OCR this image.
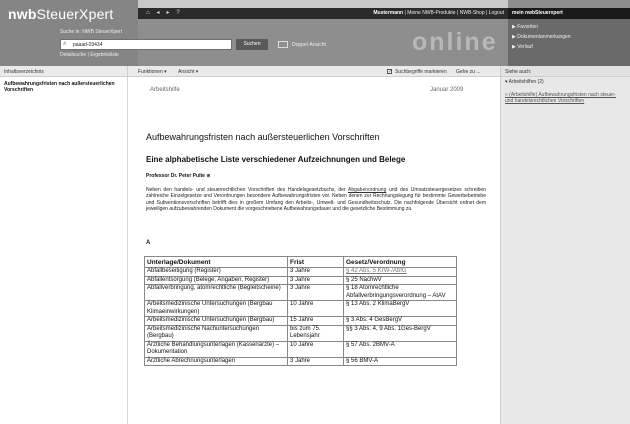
nwbSteuerXpert	⌂	◂	▸	?	Mustermann | Meine NWB-Produkte | NWB-Shop | Logout
Suche in: NWB SteuerXpert
paaad-03434
⌕	Suchen	Doppel-Ansicht
Detailsuche | Ergebnisliste	online
mein nwbSteuerxpert
▶ Favoriten
▶ Dokumentanmerkungen
▶ Verlauf
Inhaltsverzeichnis	Funktionen ▾ Ansicht ▾	✓ Suchbegriffe markieren Gehe zu ...	Siehe auch:
Aufbewahrungsfristen nach außersteuerlichen Vorschriften
▾ Arbeitshilfen (2)
» (Arbeitshilfe) Aufbewahrungsfristen nach steuer- und handelsrechtlichen Vorschriften
Arbeitshilfe	Januar 2009
Aufbewahrungsfristen nach außersteuerlichen Vorschriften
Eine alphabetische Liste verschiedener Aufzeichnungen und Belege
Professor Dr. Peter Pulte ⊕
Neben den handels- und steuerrechtlichen Vorschriften des Handelsgesetzbuchs, der Abgabenordnung und des Umsatzsteuergesetzes schreiben zahlreiche Einzelgesetze und Verordnungen besondere Aufbewahrungsfristen vor. Neben denen zur Rechnungslegung für bestimmte Gewerbebetriebe und Subventionsvorschriften betrifft dies in großem Umfang den Arbeits-, Umwelt- und Gesundheitsschutz. Die nachfolgende Übersicht ordnet dem jeweiligen aufzubewahrenden Dokument die vorgeschriebene Aufbewahrungsdauer und die gesetzliche Bestimmung zu.
A
Unterlage/Dokument	Frist	Gesetz/Verordnung
Abfallbeseitigung (Register)	3 Jahre	§ 42 Abs. 5 KrW-/AbfG
Abfallentsorgung (Belege, Angaben, Register)	3 Jahre	§ 25 NachwV
Abfallverbringung, atomrechtliche (Begleitscheine)	3 Jahre	§ 18 Atomrechtliche Abfallverbringungsverordnung – AtAV
Arbeitsmedizinische Untersuchungen (Bergbau Klimaeinwirkungen)	10 Jahre	§ 13 Abs. 2 KlimaBergV
Arbeitsmedizinische Untersuchungen (Bergbau)	15 Jahre	§ 3 Abs. 4 GesBergV
Arbeitsmedizinische Nachuntersuchungen (Bergbau)	bis zum 75. Lebensjahr	§§ 3 Abs. 4, 9 Abs. 1Ges-BergV
Ärztliche Behandlungsunterlagen (Kassenärzte) – Dokumentation	10 Jahre	§ 57 Abs. 2BMV-A
Ärztliche Abrechnungsunterlagen	3 Jahre	§ 56 BMV-A
